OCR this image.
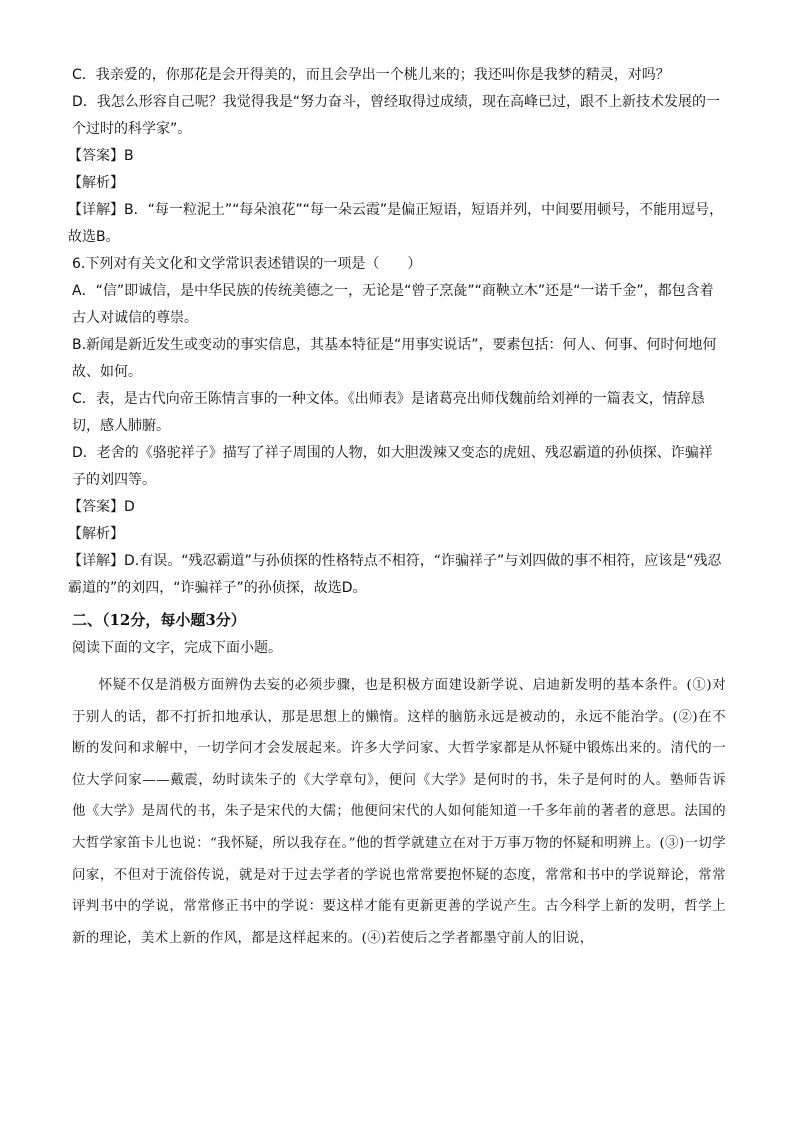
C．我亲爱的，你那花是会开得美的，而且会孕出一个桃儿来的；我还叫你是我梦的精灵，对吗？

D．我怎么形容自己呢？我觉得我是“努力奋斗，曾经取得过成绩，现在高峰已过，跟不上新技术发展的一个过时的科学家”。

【答案】B

【解析】

【详解】B．“每一粒泥土”“每朵浪花”“每一朵云霞”是偏正短语，短语并列，中间要用顿号，不能用逗号，故选B。

6.下列对有关文化和文学常识表述错误的一项是（　　）

A．“信”即诚信，是中华民族的传统美德之一，无论是“曾子烹彘”“商鞅立木”还是“一诺千金”，都包含着古人对诚信的尊崇。

B.新闻是新近发生或变动的事实信息，其基本特征是“用事实说话”，要素包括：何人、何事、何时何地何故、如何。

C．表，是古代向帝王陈情言事的一种文体。《出师表》是诸葛亮出师伐魏前给刘禅的一篇表文，情辞恳切，感人肺腑。

D．老舍的《骆驼祥子》描写了祥子周围的人物，如大胆泼辣又变态的虎妞、残忍霸道的孙侦探、诈骗祥子的刘四等。

【答案】D

【解析】

【详解】D.有误。“残忍霸道”与孙侦探的性格特点不相符，“诈骗祥子”与刘四做的事不相符，应该是“残忍霸道的”的刘四，“诈骗祥子”的孙侦探，故选D。

二、（12分，每小题3分）

阅读下面的文字，完成下面小题。

怀疑不仅是消极方面辨伪去妄的必须步骤，也是积极方面建设新学说、启迪新发明的基本条件。(①)对于别人的话，都不打折扣地承认，那是思想上的懒惰。这样的脑筋永远是被动的，永远不能治学。(②)在不断的发问和求解中，一切学问才会发展起来。许多大学问家、大哲学家都是从怀疑中锻炼出来的。清代的一位大学问家——戴震，幼时读朱子的《大学章句》，便问《大学》是何时的书，朱子是何时的人。塾师告诉他《大学》是周代的书，朱子是宋代的大儒；他便问宋代的人如何能知道一千多年前的著者的意思。法国的大哲学家笛卡儿也说：“我怀疑，所以我存在。”他的哲学就建立在对于万事万物的怀疑和明辨上。(③)一切学问家，不但对于流俗传说，就是对于过去学者的学说也常常要抱怀疑的态度，常常和书中的学说辩论，常常评判书中的学说，常常修正书中的学说：要这样才能有更新更善的学说产生。古今科学上新的发明，哲学上新的理论，美术上新的作风，都是这样起来的。(④)若使后之学者都墨守前人的旧说，
